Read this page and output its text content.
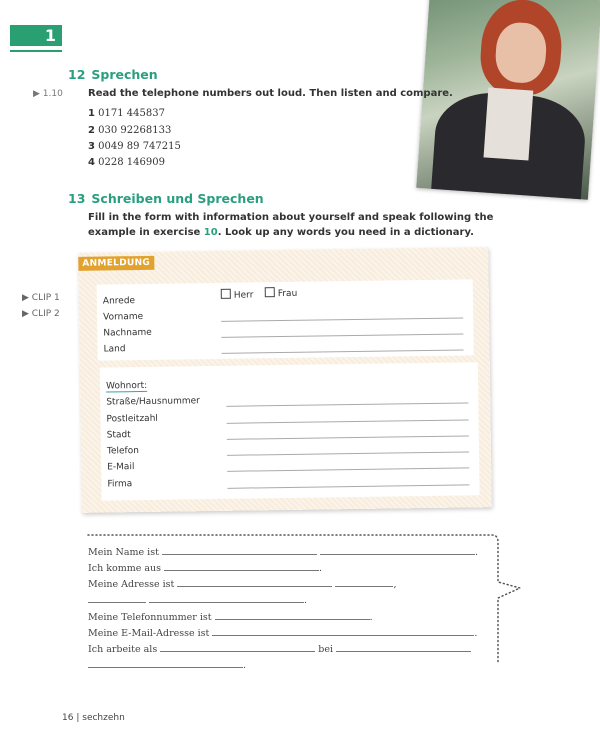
1
12 Sprechen
▶ 1.10	Read the telephone numbers out loud. Then listen and compare.
1 0171 445837
2 030 92268133
3 0049 89 747215
4 0228 146909
13 Schreiben und Sprechen
Fill in the form with information about yourself and speak following the
example in exercise 10. Look up any words you need in a dictionary.
▶ CLIP 1
▶ CLIP 2
ANMELDUNG
Anrede
Herr	Frau
Vorname
Nachname
Land
Wohnort:
Straße/Hausnummer
Postleitzahl
Stadt
Telefon
E-Mail
Firma
Mein Name ist	.
Ich komme aus	.
Meine Adresse ist	,
.
Meine Telefonnummer ist	.
Meine E-Mail-Adresse ist	.
Ich arbeite als	bei
.
16 | sechzehn
